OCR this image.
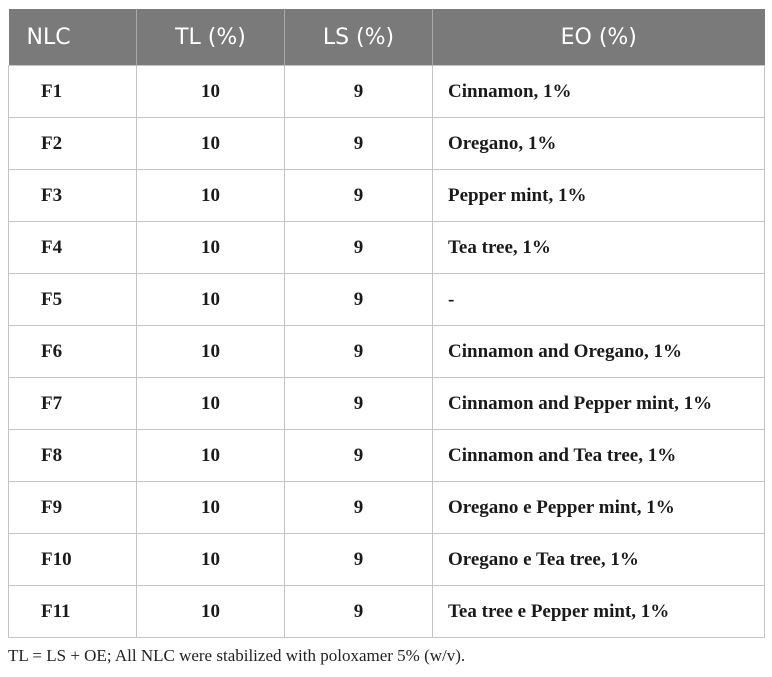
NLC	TL (%)	LS (%)	EO (%)
F1	10	9	Cinnamon, 1%
F2	10	9	Oregano, 1%
F3	10	9	Pepper mint, 1%
F4	10	9	Tea tree, 1%
F5	10	9	-
F6	10	9	Cinnamon and Oregano, 1%
F7	10	9	Cinnamon and Pepper mint, 1%
F8	10	9	Cinnamon and Tea tree, 1%
F9	10	9	Oregano e Pepper mint, 1%
F10	10	9	Oregano e Tea tree, 1%
F11	10	9	Tea tree e Pepper mint, 1%

TL = LS + OE; All NLC were stabilized with poloxamer 5% (w/v).
